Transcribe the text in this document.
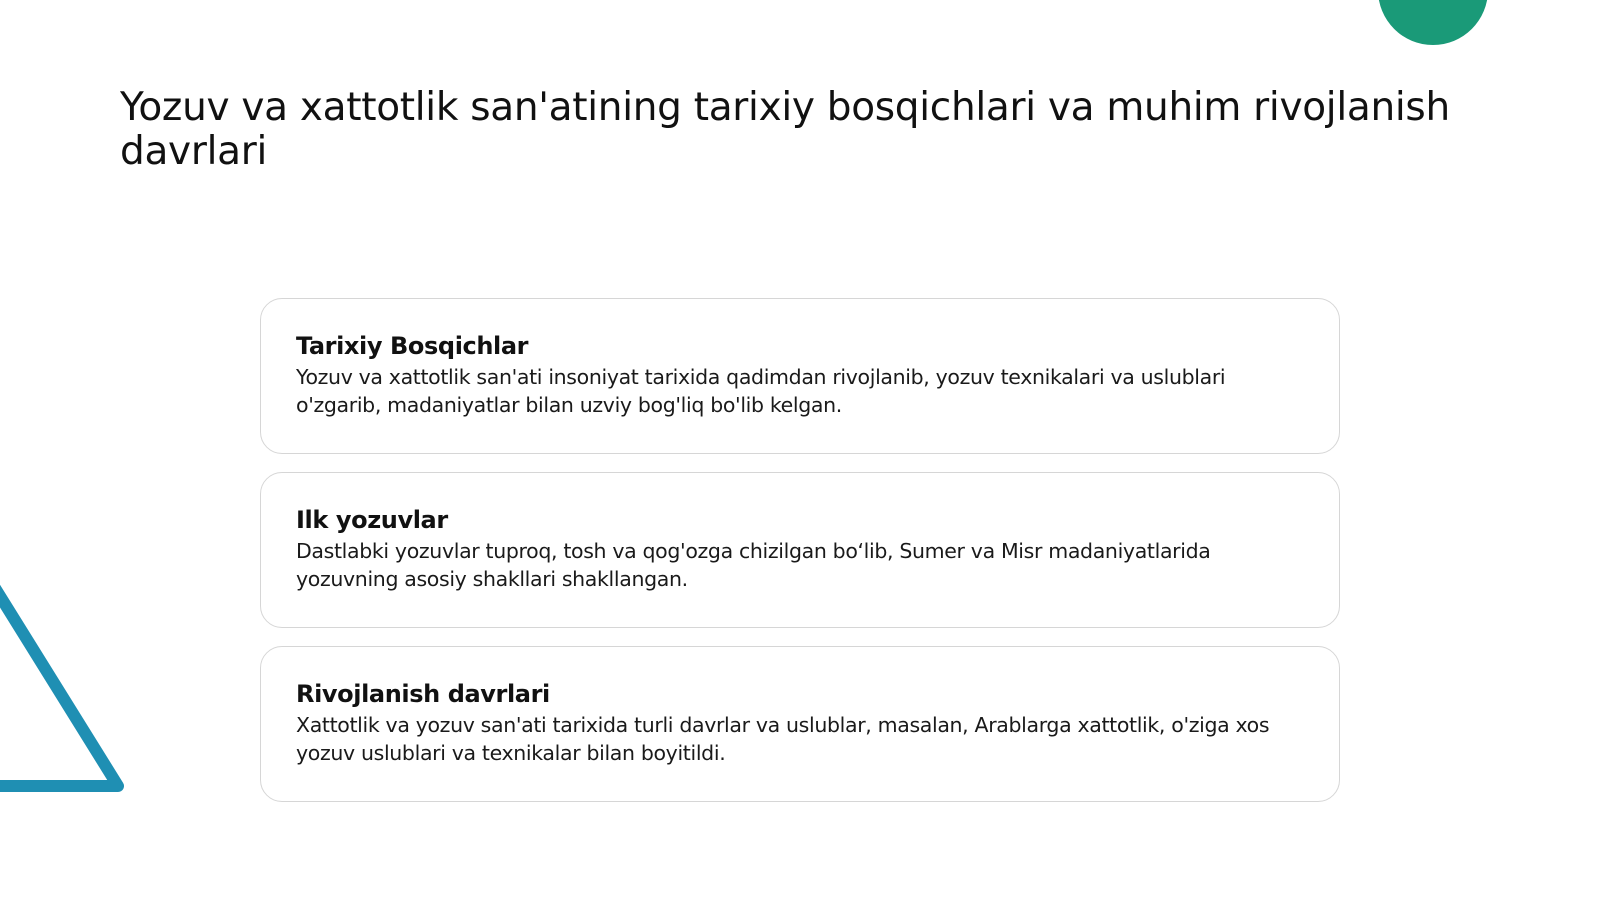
Yozuv va xattotlik san'atining tarixiy bosqichlari va muhim rivojlanish davrlari

Tarixiy Bosqichlar

Yozuv va xattotlik san'ati insoniyat tarixida qadimdan rivojlanib, yozuv texnikalari va uslublari o'zgarib, madaniyatlar bilan uzviy bog'liq bo'lib kelgan.

Ilk yozuvlar

Dastlabki yozuvlar tuproq, tosh va qog'ozga chizilgan bo‘lib, Sumer va Misr madaniyatlarida yozuvning asosiy shakllari shakllangan.

Rivojlanish davrlari

Xattotlik va yozuv san'ati tarixida turli davrlar va uslublar, masalan, Arablarga xattotlik, o'ziga xos yozuv uslublari va texnikalar bilan boyitildi.
